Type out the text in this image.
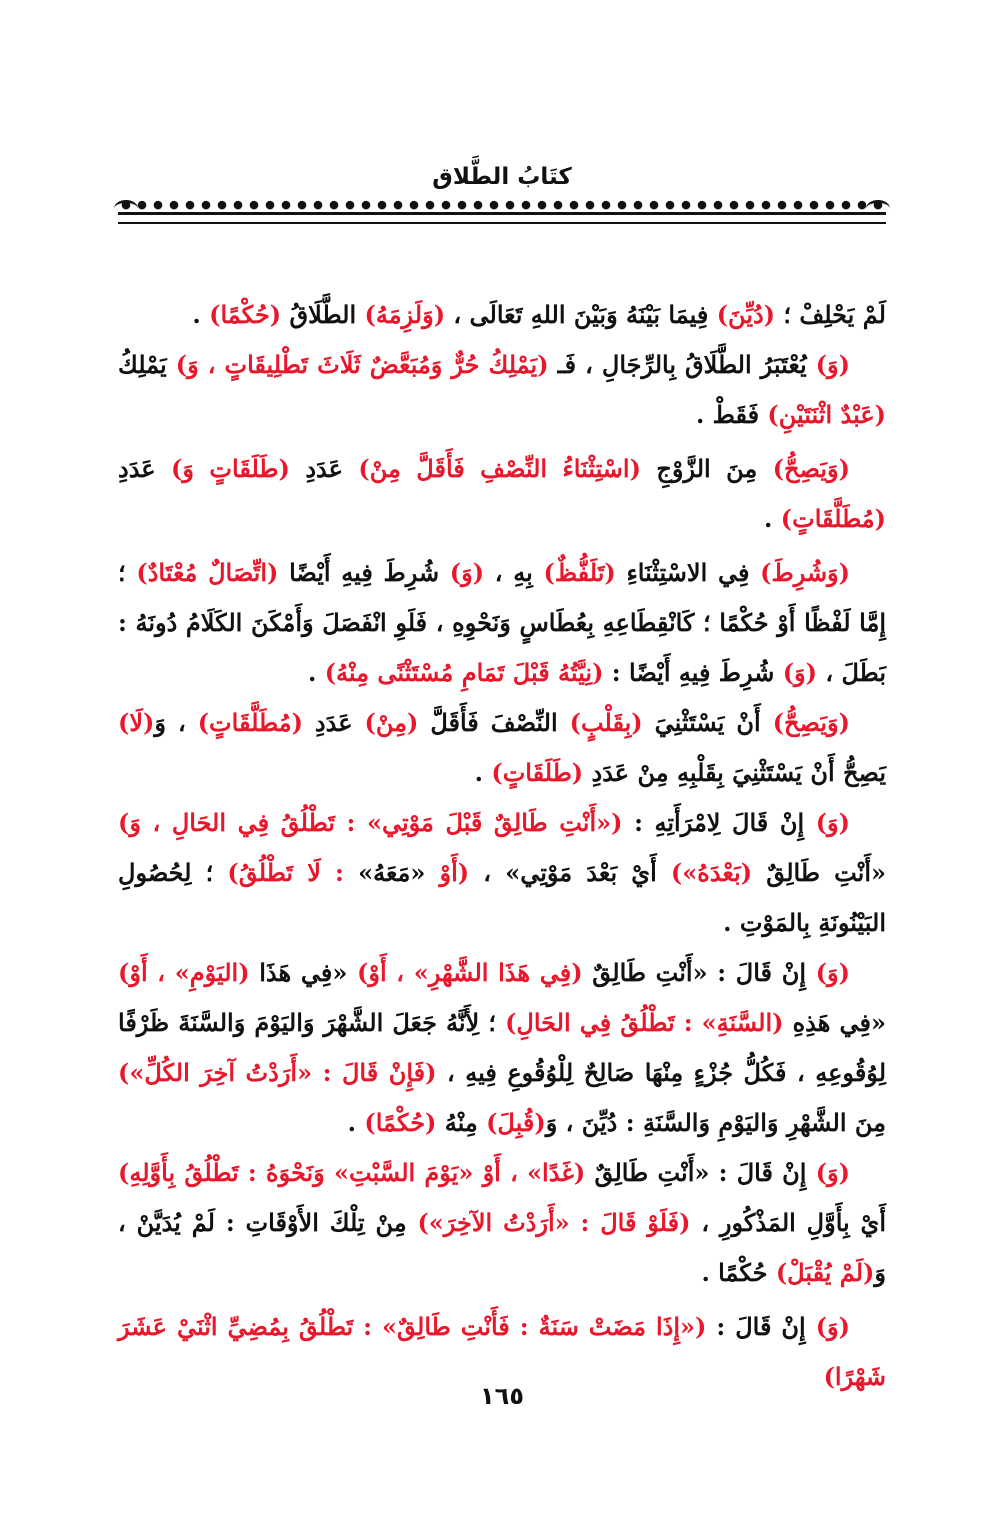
كتَابُ الطَّلاق

لَمْ يَحْلِفْ ؛ (دُيِّنَ) فِيمَا بَيْنَهُ وَبَيْنَ اللهِ تَعَالَى ، (وَلَزِمَهُ) الطَّلَاقُ (حُكْمًا) .

(وَ) يُعْتَبَرُ الطَّلَاقُ بِالرِّجَالِ ، فَـ (يَمْلِكُ حُرٌّ وَمُبَعَّضٌ ثَلَاثَ تَطْلِيقَاتٍ ، وَ) يَمْلِكُ (عَبْدٌ اثْنَتَيْنِ) فَقَطْ .

(وَيَصِحُّ) مِنَ الزَّوْجِ (اسْتِثْنَاءُ النِّصْفِ فَأَقَلَّ مِنْ) عَدَدِ (طَلَقَاتٍ وَ) عَدَدِ (مُطَلَّقَاتٍ) .

(وَشُرِطَ) فِي الاسْتِثْنَاءِ (تَلَفُّظٌ) بِهِ ، (وَ) شُرِطَ فِيهِ أَيْضًا (اتِّصَالٌ مُعْتَادٌ) ؛ إِمَّا لَفْظًا أَوْ حُكْمًا ؛ كَانْقِطَاعِهِ بِعُطَاسٍ وَنَحْوِهِ ، فَلَوِ انْفَصَلَ وَأَمْكَنَ الكَلَامُ دُونَهُ : بَطَلَ ، (وَ) شُرِطَ فِيهِ أَيْضًا : (نِيَّتُهُ قَبْلَ تَمَامِ مُسْتَثْنًى مِنْهُ) .

(وَيَصِحُّ) أَنْ يَسْتَثْنِيَ (بِقَلْبٍ) النِّصْفَ فَأَقَلَّ (مِنْ) عَدَدِ (مُطَلَّقَاتٍ) ، وَ(لَا) يَصِحُّ أَنْ يَسْتَثْنِيَ بِقَلْبِهِ مِنْ عَدَدِ (طَلَقَاتٍ) .

(وَ) إِنْ قَالَ لِامْرَأَتِهِ : («أَنْتِ طَالِقٌ قَبْلَ مَوْتِي» : تَطْلُقُ فِي الحَالِ ، وَ) «أَنْتِ طَالِقٌ (بَعْدَهُ») أَيْ بَعْدَ مَوْتِي» ، (أَوْ «مَعَهُ» : لَا تَطْلُقُ) ؛ لِحُصُولِ البَيْنُونَةِ بِالمَوْتِ .

(وَ) إِنْ قَالَ : «أَنْتِ طَالِقٌ (فِي هَذَا الشَّهْرِ» ، أَوْ) «فِي هَذَا (اليَوْمِ» ، أَوْ) «فِي هَذِهِ (السَّنَةِ» : تَطْلُقُ فِي الحَالِ) ؛ لِأَنَّهُ جَعَلَ الشَّهْرَ وَاليَوْمَ وَالسَّنَةَ ظَرْفًا لِوُقُوعِهِ ، فَكُلُّ جُزْءٍ مِنْهَا صَالِحٌ لِلْوُقُوعِ فِيهِ ، (فَإِنْ قَالَ : «أَرَدْتُ آخِرَ الكُلِّ») مِنَ الشَّهْرِ وَاليَوْمِ وَالسَّنَةِ : دُيِّنَ ، وَ(قُبِلَ) مِنْهُ (حُكْمًا) .

(وَ) إِنْ قَالَ : «أَنْتِ طَالِقٌ (غَدًا» ، أَوْ «يَوْمَ السَّبْتِ» وَنَحْوَهُ : تَطْلُقُ بِأَوَّلِهِ) أَيْ بِأَوَّلِ المَذْكُورِ ، (فَلَوْ قَالَ : «أَرَدْتُ الآخِرَ») مِنْ تِلْكَ الأَوْقَاتِ : لَمْ يُدَيَّنْ ، وَ(لَمْ يُقْبَلْ) حُكْمًا .

(وَ) إِنْ قَالَ : («إِذَا مَضَتْ سَنَةٌ : فَأَنْتِ طَالِقٌ» : تَطْلُقُ بِمُضِيِّ اثْنَيْ عَشَرَ شَهْرًا)

١٦٥
